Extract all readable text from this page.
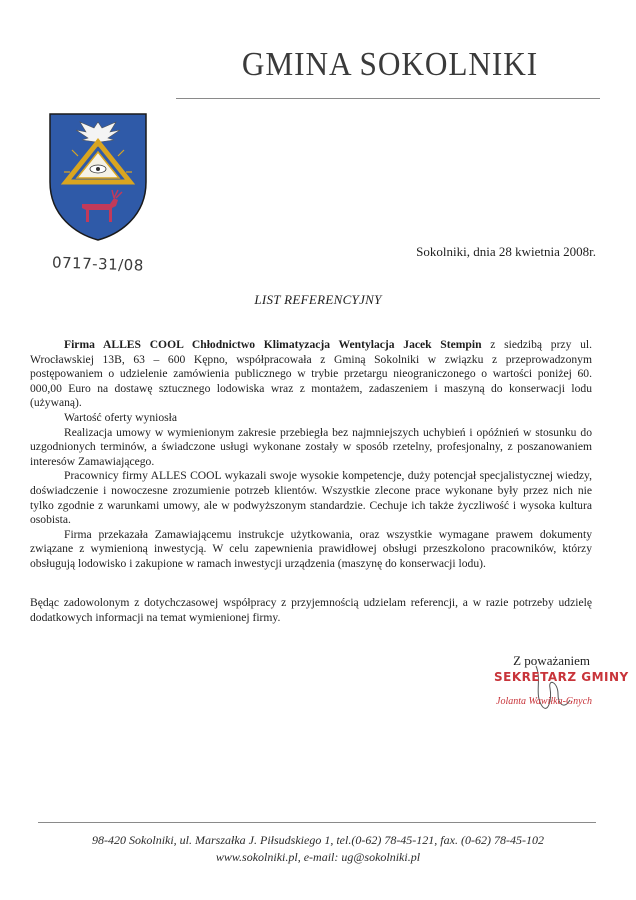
GMINA SOKOLNIKI
0717-31/08
Sokolniki, dnia 28 kwietnia 2008r.
LIST REFERENCYJNY

Firma ALLES COOL Chłodnictwo Klimatyzacja Wentylacja Jacek Stempin z siedzibą przy ul. Wrocławskiej 13B, 63 – 600 Kępno, współpracowała z Gminą Sokolniki w związku z przeprowadzonym postępowaniem o udzielenie zamówienia publicznego w trybie przetargu nieograniczonego o wartości poniżej 60. 000,00 Euro na dostawę sztucznego lodowiska wraz z montażem, zadaszeniem i maszyną do konserwacji lodu (używaną).

Wartość oferty wyniosła

Realizacja umowy w wymienionym zakresie przebiegła bez najmniejszych uchybień i opóźnień w stosunku do uzgodnionych terminów, a świadczone usługi wykonane zostały w sposób rzetelny, profesjonalny, z poszanowaniem interesów Zamawiającego.

Pracownicy firmy ALLES COOL wykazali swoje wysokie kompetencje, duży potencjał specjalistycznej wiedzy, doświadczenie i nowoczesne zrozumienie potrzeb klientów. Wszystkie zlecone prace wykonane były przez nich nie tylko zgodnie z warunkami umowy, ale w podwyższonym standardzie. Cechuje ich także życzliwość i wysoka kultura osobista.

Firma przekazała Zamawiającemu instrukcje użytkowania, oraz wszystkie wymagane prawem dokumenty związane z wymienioną inwestycją. W celu zapewnienia prawidłowej obsługi przeszkolono pracowników, którzy obsługują lodowisko i zakupione w ramach inwestycji urządzenia (maszynę do konserwacji lodu).

Będąc zadowolonym z dotychczasowej współpracy z przyjemnością udzielam referencji, a w razie potrzeby udzielę dodatkowych informacji na temat wymienionej firmy.
Z poważaniem
SEKRETARZ GMINY
Jolanta Wawiłka-Gnych
98-420 Sokolniki, ul. Marszałka J. Piłsudskiego 1, tel.(0-62) 78-45-121, fax. (0-62) 78-45-102
www.sokolniki.pl, e-mail: ug@sokolniki.pl
